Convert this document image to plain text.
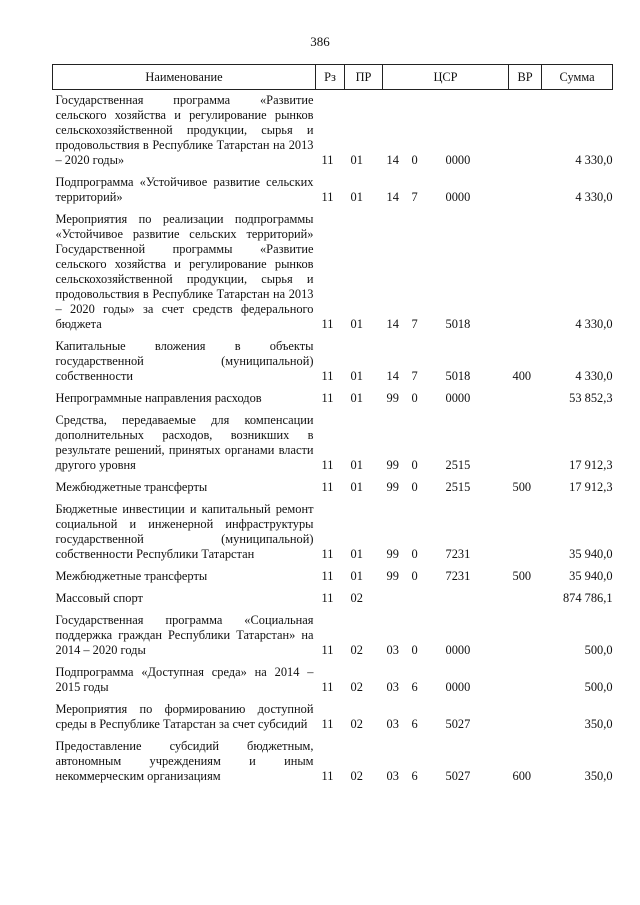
386
Наименование	Рз	ПР	ЦСР			ВР	Сумма

Государственная программа «Развитие сельского хозяйства и регулирование рынков сельскохозяйственной продукции, сырья и продовольствия в Республике Татарстан на 2013 – 2020 годы»	11	01	14	0	0000		4 330,0

Подпрограмма «Устойчивое развитие сельских территорий»	11	01	14	7	0000		4 330,0

Мероприятия по реализации подпрограммы «Устойчивое развитие сельских территорий» Государственной программы «Развитие сельского хозяйства и регулирование рынков сельскохозяйственной продукции, сырья и продовольствия в Республике Татарстан на 2013 – 2020 годы» за счет средств федерального бюджета	11	01	14	7	5018		4 330,0

Капитальные вложения в объекты государственной (муниципальной) собственности	11	01	14	7	5018	400	4 330,0

Непрограммные направления расходов	11	01	99	0	0000		53 852,3

Средства, передаваемые для компенсации дополнительных расходов, возникших в результате решений, принятых органами власти другого уровня	11	01	99	0	2515		17 912,3

Межбюджетные трансферты	11	01	99	0	2515	500	17 912,3

Бюджетные инвестиции и капитальный ремонт социальной и инженерной инфраструктуры государственной (муниципальной) собственности Республики Татарстан	11	01	99	0	7231		35 940,0

Межбюджетные трансферты	11	01	99	0	7231	500	35 940,0

Массовый спорт	11	02					874 786,1

Государственная программа «Социальная поддержка граждан Республики Татарстан» на 2014 – 2020 годы	11	02	03	0	0000		500,0

Подпрограмма «Доступная среда» на 2014 – 2015 годы	11	02	03	6	0000		500,0

Мероприятия по формированию доступной среды в Республике Татарстан за счет субсидий	11	02	03	6	5027		350,0

Предоставление субсидий бюджетным, автономным учреждениям и иным некоммерческим организациям	11	02	03	6	5027	600	350,0
